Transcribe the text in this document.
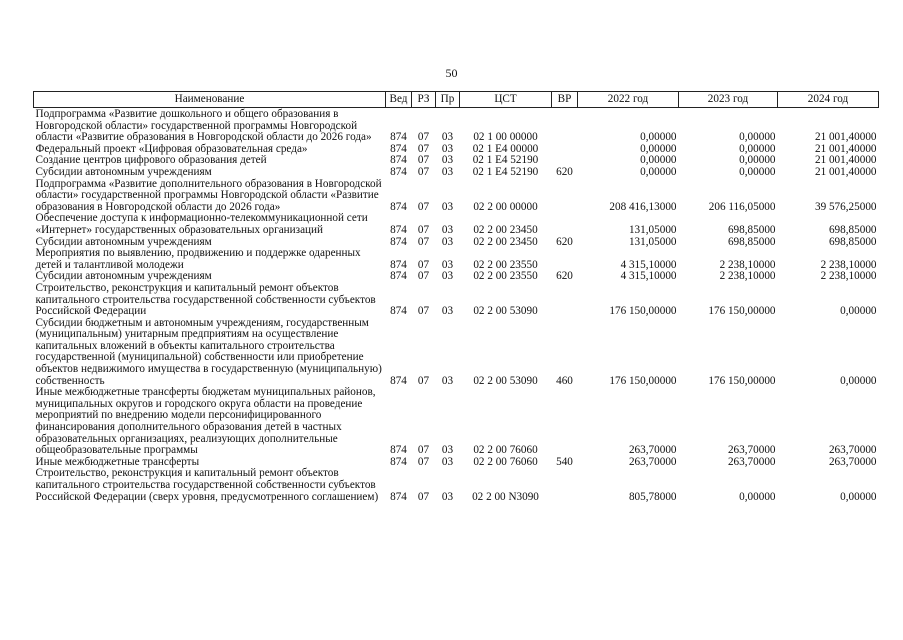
50
Наименование	Вед	РЗ	Пр	ЦСТ	ВР	2022 год	2023 год	2024 год
Подпрограмма «Развитие дошкольного и общего образования в Новгородской области» государственной программы Новгородской области «Развитие образования в Новгородской области до 2026 года»	874	07	03	02 1 00 00000		0,00000	0,00000	21 001,40000
Федеральный проект «Цифровая образовательная среда»	874	07	03	02 1 E4 00000		0,00000	0,00000	21 001,40000
Создание центров цифрового образования детей	874	07	03	02 1 E4 52190		0,00000	0,00000	21 001,40000
Субсидии автономным учреждениям	874	07	03	02 1 E4 52190	620	0,00000	0,00000	21 001,40000
Подпрограмма «Развитие дополнительного образования в Новгородской области» государственной программы Новгородской области «Развитие образования в Новгородской области до 2026 года»	874	07	03	02 2 00 00000		208 416,13000	206 116,05000	39 576,25000
Обеспечение доступа к информационно-телекоммуникационной сети «Интернет» государственных образовательных организаций	874	07	03	02 2 00 23450		131,05000	698,85000	698,85000
Субсидии автономным учреждениям	874	07	03	02 2 00 23450	620	131,05000	698,85000	698,85000
Мероприятия по выявлению, продвижению и поддержке одаренных детей и талантливой молодежи	874	07	03	02 2 00 23550		4 315,10000	2 238,10000	2 238,10000
Субсидии автономным учреждениям	874	07	03	02 2 00 23550	620	4 315,10000	2 238,10000	2 238,10000
Строительство, реконструкция и капитальный ремонт объектов капитального строительства государственной собственности субъектов Российской Федерации	874	07	03	02 2 00 53090		176 150,00000	176 150,00000	0,00000
Субсидии бюджетным и автономным учреждениям, государственным (муниципальным) унитарным предприятиям на осуществление капитальных вложений в объекты капитального строительства государственной (муниципальной) собственности или приобретение объектов недвижимого имущества в государственную (муниципальную) собственность	874	07	03	02 2 00 53090	460	176 150,00000	176 150,00000	0,00000
Иные межбюджетные трансферты бюджетам муниципальных районов, муниципальных округов и городского округа области на проведение мероприятий по внедрению модели персонифицированного финансирования дополнительного образования детей в частных образовательных организациях, реализующих дополнительные общеобразовательные программы	874	07	03	02 2 00 76060		263,70000	263,70000	263,70000
Иные межбюджетные трансферты	874	07	03	02 2 00 76060	540	263,70000	263,70000	263,70000
Строительство, реконструкция и капитальный ремонт объектов капитального строительства государственной собственности субъектов Российской Федерации (сверх уровня, предусмотренного соглашением)	874	07	03	02 2 00 N3090		805,78000	0,00000	0,00000
